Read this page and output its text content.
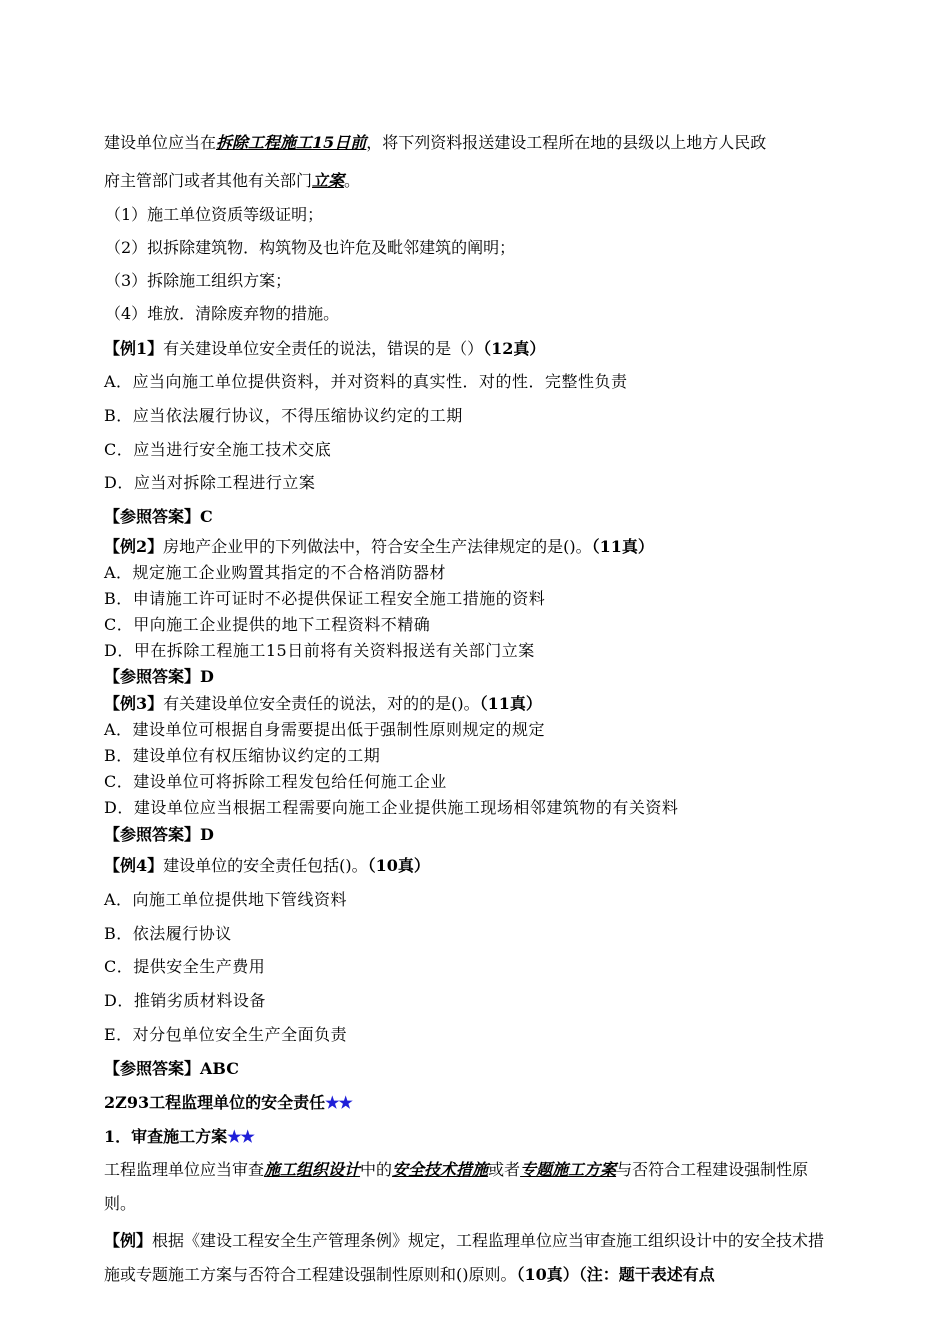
建设单位应当在拆除工程施工15日前，将下列资料报送建设工程所在地的县级以上地方人民政
府主管部门或者其他有关部门立案。
（1）施工单位资质等级证明；
（2）拟拆除建筑物．构筑物及也许危及毗邻建筑的阐明；
（3）拆除施工组织方案；
（4）堆放．清除废弃物的措施。
【例1】有关建设单位安全责任的说法，错误的是（）（12真）
A．应当向施工单位提供资料，并对资料的真实性．对的性．完整性负责
B．应当依法履行协议，不得压缩协议约定的工期
C．应当进行安全施工技术交底
D．应当对拆除工程进行立案
【参照答案】C
【例2】房地产企业甲的下列做法中，符合安全生产法律规定的是()。（11真）
A．规定施工企业购置其指定的不合格消防器材
B．申请施工许可证时不必提供保证工程安全施工措施的资料
C．甲向施工企业提供的地下工程资料不精确
D．甲在拆除工程施工15日前将有关资料报送有关部门立案
【参照答案】D
【例3】有关建设单位安全责任的说法，对的的是()。（11真）
A．建设单位可根据自身需要提出低于强制性原则规定的规定
B．建设单位有权压缩协议约定的工期
C．建设单位可将拆除工程发包给任何施工企业
D．建设单位应当根据工程需要向施工企业提供施工现场相邻建筑物的有关资料
【参照答案】D
【例4】建设单位的安全责任包括()。（10真）
A．向施工单位提供地下管线资料
B．依法履行协议
C．提供安全生产费用
D．推销劣质材料设备
E．对分包单位安全生产全面负责
【参照答案】ABC
2Z93工程监理单位的安全责任★★
1．审查施工方案★★
工程监理单位应当审查施工组织设计中的安全技术措施或者专题施工方案与否符合工程建设强制性原则。
【例】根据《建设工程安全生产管理条例》规定，工程监理单位应当审查施工组织设计中的安全技术措施或专题施工方案与否符合工程建设强制性原则和()原则。（10真）（注：题干表述有点
